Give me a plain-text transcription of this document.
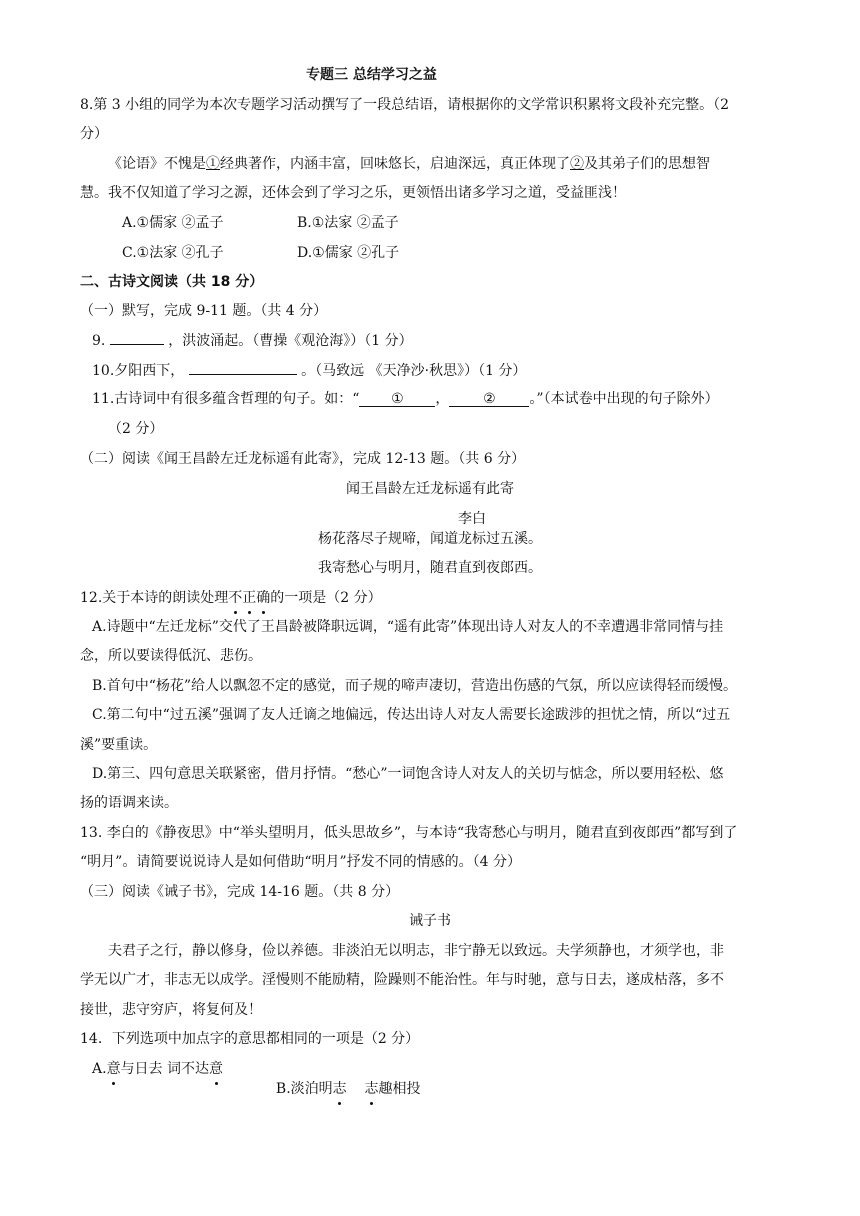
专题三 总结学习之益
8.第 3 小组的同学为本次专题学习活动撰写了一段总结语，请根据你的文学常识积累将文段补充完整。（2
分）
《论语》不愧是①经典著作，内涵丰富，回味悠长，启迪深远，真正体现了②及其弟子们的思想智
慧。我不仅知道了学习之源，还体会到了学习之乐，更领悟出诸多学习之道，受益匪浅！
A.①儒家 ②孟子	B.①法家 ②孟子
C.①法家 ②孔子	D.①儒家 ②孔子
二、古诗文阅读（共 18 分）
（一）默写，完成 9-11 题。（共 4 分）
9.	，洪波涌起。（曹操《观沧海》）（1 分）
10.夕阳西下，	。（马致远 《天净沙·秋思》）（1 分）
11.古诗词中有很多蕴含哲理的句子。如：“ ① ， ② 。”（本试卷中出现的句子除外）
（2 分）
（二）阅读《闻王昌龄左迁龙标遥有此寄》，完成 12-13 题。（共 6 分）
闻王昌龄左迁龙标遥有此寄
李白
杨花落尽子规啼，闻道龙标过五溪。
我寄愁心与明月，随君直到夜郎西。
12.关于本诗的朗读处理不正确的一项是（2 分）
A.诗题中“左迁龙标”交代了王昌龄被降职远调，“遥有此寄”体现出诗人对友人的不幸遭遇非常同情与挂
念，所以要读得低沉、悲伤。
B.首句中“杨花”给人以飘忽不定的感觉，而子规的啼声凄切，营造出伤感的气氛，所以应读得轻而缓慢。
C.第二句中“过五溪”强调了友人迁谪之地偏远，传达出诗人对友人需要长途跋涉的担忧之情，所以“过五
溪”要重读。
D.第三、四句意思关联紧密，借月抒情。“愁心”一词饱含诗人对友人的关切与惦念，所以要用轻松、悠
扬的语调来读。
13. 李白的《静夜思》中“举头望明月，低头思故乡”，与本诗“我寄愁心与明月，随君直到夜郎西”都写到了
“明月”。请简要说说诗人是如何借助“明月”抒发不同的情感的。（4 分）
（三）阅读《诫子书》，完成 14-16 题。（共 8 分）
诫子书
夫君子之行，静以修身，俭以养德。非淡泊无以明志，非宁静无以致远。夫学须静也，才须学也，非
学无以广才，非志无以成学。淫慢则不能励精，险躁则不能治性。年与时驰，意与日去，遂成枯落，多不
接世，悲守穷庐，将复何及！
14．下列选项中加点字的意思都相同的一项是（2 分）
A.意与日去 词不达意

B.淡泊明志 志趣相投
